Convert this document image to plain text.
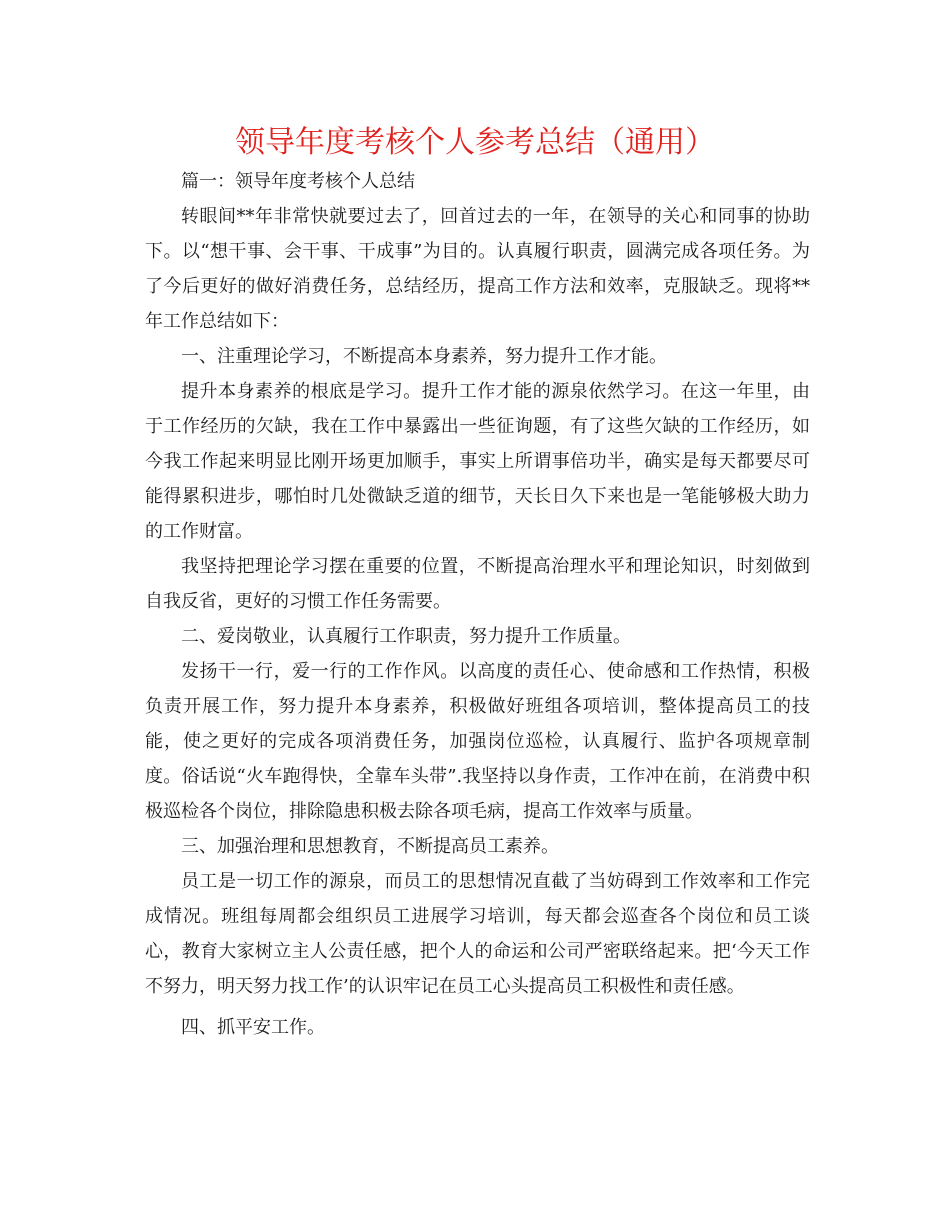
领导年度考核个人参考总结（通用）

篇一：领导年度考核个人总结

转眼间**年非常快就要过去了，回首过去的一年，在领导的关心和同事的协助下。以“想干事、会干事、干成事”为目的。认真履行职责，圆满完成各项任务。为了今后更好的做好消费任务，总结经历，提高工作方法和效率，克服缺乏。现将**年工作总结如下：

一、注重理论学习，不断提高本身素养，努力提升工作才能。

提升本身素养的根底是学习。提升工作才能的源泉依然学习。在这一年里，由于工作经历的欠缺，我在工作中暴露出一些征询题，有了这些欠缺的工作经历，如今我工作起来明显比刚开场更加顺手，事实上所谓事倍功半，确实是每天都要尽可能得累积进步，哪怕时几处微缺乏道的细节，天长日久下来也是一笔能够极大助力的工作财富。

我坚持把理论学习摆在重要的位置，不断提高治理水平和理论知识，时刻做到自我反省，更好的习惯工作任务需要。

二、爱岗敬业，认真履行工作职责，努力提升工作质量。

发扬干一行，爱一行的工作作风。以高度的责任心、使命感和工作热情，积极负责开展工作，努力提升本身素养，积极做好班组各项培训，整体提高员工的技能，使之更好的完成各项消费任务，加强岗位巡检，认真履行、监护各项规章制度。俗话说“火车跑得快，全靠车头带”.我坚持以身作责，工作冲在前，在消费中积极巡检各个岗位，排除隐患积极去除各项毛病，提高工作效率与质量。

三、加强治理和思想教育，不断提高员工素养。

员工是一切工作的源泉，而员工的思想情况直截了当妨碍到工作效率和工作完成情况。班组每周都会组织员工进展学习培训，每天都会巡查各个岗位和员工谈心，教育大家树立主人公责任感，把个人的命运和公司严密联络起来。把‘今天工作不努力，明天努力找工作’的认识牢记在员工心头提高员工积极性和责任感。

四、抓平安工作。
